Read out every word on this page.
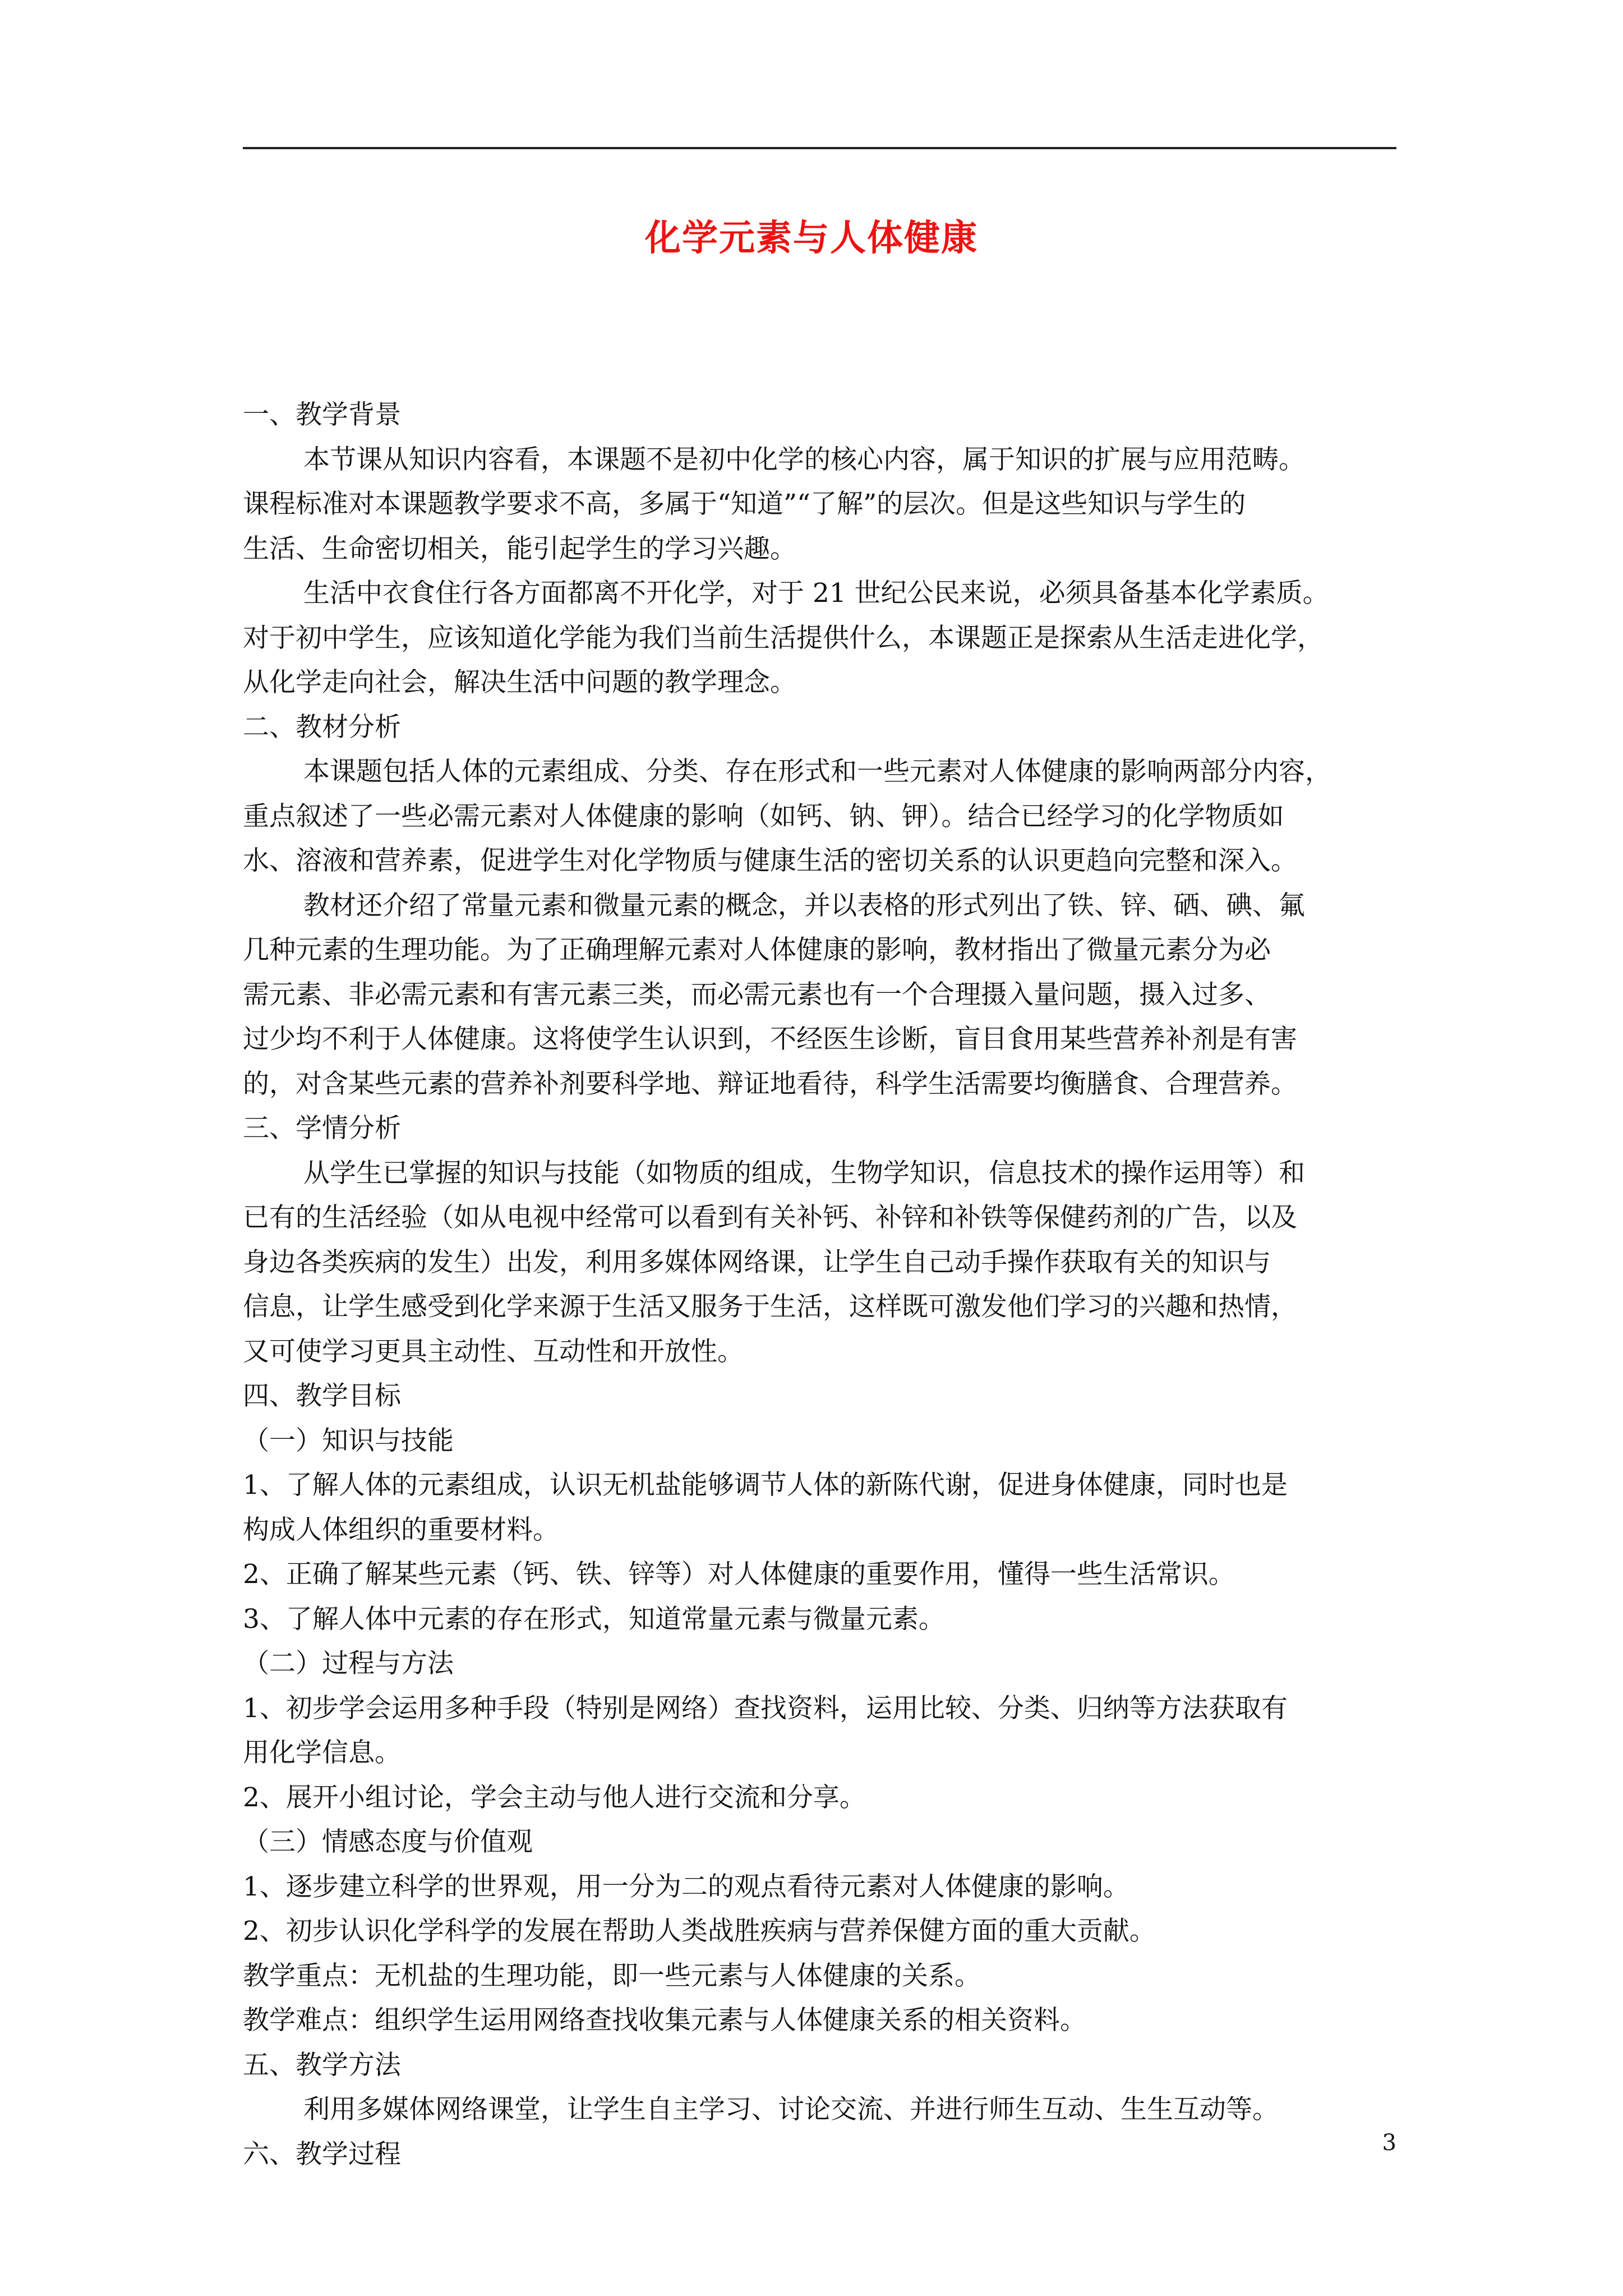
化学元素与人体健康

一、教学背景

本节课从知识内容看，本课题不是初中化学的核心内容，属于知识的扩展与应用范畴。

课程标准对本课题教学要求不高，多属于“知道”“了解”的层次。但是这些知识与学生的

生活、生命密切相关，能引起学生的学习兴趣。

生活中衣食住行各方面都离不开化学，对于 21 世纪公民来说，必须具备基本化学素质。

对于初中学生，应该知道化学能为我们当前生活提供什么，本课题正是探索从生活走进化学，

从化学走向社会，解决生活中问题的教学理念。

二、教材分析

本课题包括人体的元素组成、分类、存在形式和一些元素对人体健康的影响两部分内容，

重点叙述了一些必需元素对人体健康的影响（如钙、钠、钾）。结合已经学习的化学物质如

水、溶液和营养素，促进学生对化学物质与健康生活的密切关系的认识更趋向完整和深入。

教材还介绍了常量元素和微量元素的概念，并以表格的形式列出了铁、锌、硒、碘、氟

几种元素的生理功能。为了正确理解元素对人体健康的影响，教材指出了微量元素分为必

需元素、非必需元素和有害元素三类，而必需元素也有一个合理摄入量问题，摄入过多、

过少均不利于人体健康。这将使学生认识到，不经医生诊断，盲目食用某些营养补剂是有害

的，对含某些元素的营养补剂要科学地、辩证地看待，科学生活需要均衡膳食、合理营养。

三、学情分析

从学生已掌握的知识与技能（如物质的组成，生物学知识，信息技术的操作运用等）和

已有的生活经验（如从电视中经常可以看到有关补钙、补锌和补铁等保健药剂的广告，以及

身边各类疾病的发生）出发，利用多媒体网络课，让学生自己动手操作获取有关的知识与

信息，让学生感受到化学来源于生活又服务于生活，这样既可激发他们学习的兴趣和热情，

又可使学习更具主动性、互动性和开放性。

四、教学目标

（一）知识与技能

1、了解人体的元素组成，认识无机盐能够调节人体的新陈代谢，促进身体健康，同时也是

构成人体组织的重要材料。

2、正确了解某些元素（钙、铁、锌等）对人体健康的重要作用，懂得一些生活常识。

3、了解人体中元素的存在形式，知道常量元素与微量元素。

（二）过程与方法

1、初步学会运用多种手段（特别是网络）查找资料，运用比较、分类、归纳等方法获取有

用化学信息。

2、展开小组讨论，学会主动与他人进行交流和分享。

（三）情感态度与价值观

1、逐步建立科学的世界观，用一分为二的观点看待元素对人体健康的影响。

2、初步认识化学科学的发展在帮助人类战胜疾病与营养保健方面的重大贡献。

教学重点：无机盐的生理功能，即一些元素与人体健康的关系。

教学难点：组织学生运用网络查找收集元素与人体健康关系的相关资料。

五、教学方法

利用多媒体网络课堂，让学生自主学习、讨论交流、并进行师生互动、生生互动等。

六、教学过程	3
